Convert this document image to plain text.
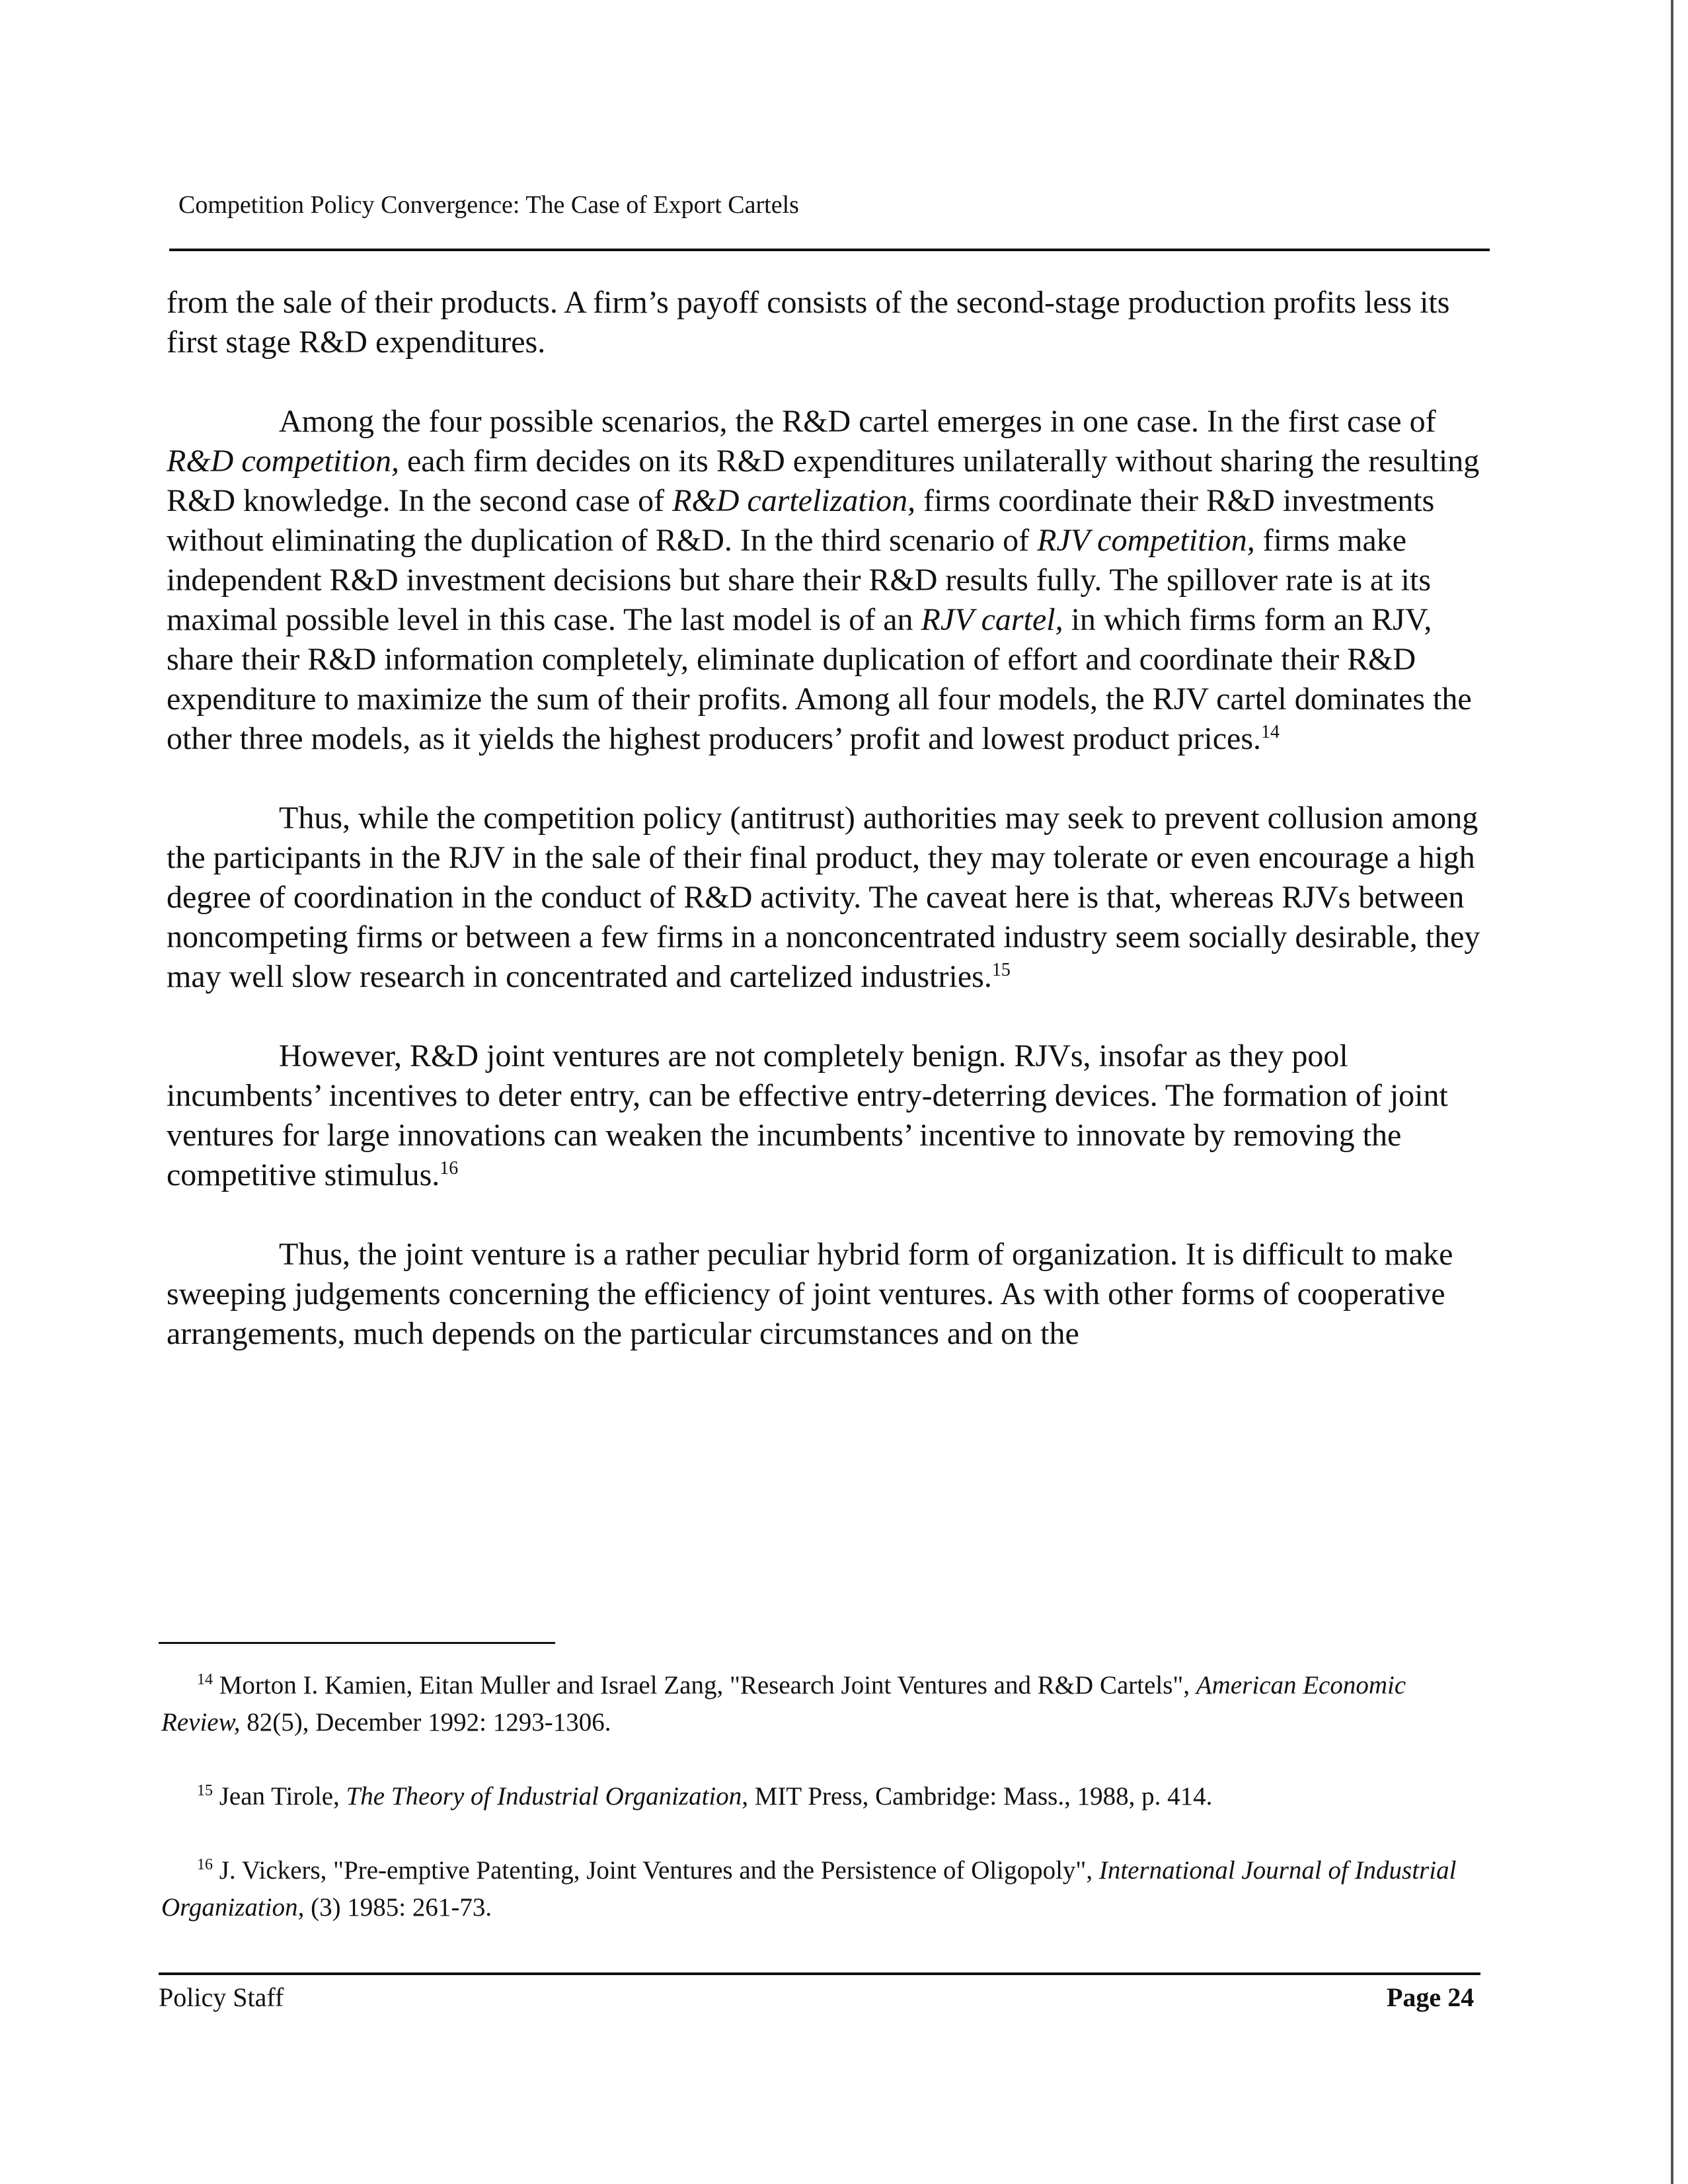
Competition Policy Convergence: The Case of Export Cartels

from the sale of their products. A firm’s payoff consists of the second-stage production profits less its first stage R&D expenditures.

Among the four possible scenarios, the R&D cartel emerges in one case. In the first case of R&D competition, each firm decides on its R&D expenditures unilaterally without sharing the resulting R&D knowledge. In the second case of R&D cartelization, firms coordinate their R&D investments without eliminating the duplication of R&D. In the third scenario of RJV competition, firms make independent R&D investment decisions but share their R&D results fully. The spillover rate is at its maximal possible level in this case. The last model is of an RJV cartel, in which firms form an RJV, share their R&D information completely, eliminate duplication of effort and coordinate their R&D expenditure to maximize the sum of their profits. Among all four models, the RJV cartel dominates the other three models, as it yields the highest producers’ profit and lowest product prices.$^{14}$

Thus, while the competition policy (antitrust) authorities may seek to prevent collusion among the participants in the RJV in the sale of their final product, they may tolerate or even encourage a high degree of coordination in the conduct of R&D activity. The caveat here is that, whereas RJVs between noncompeting firms or between a few firms in a nonconcentrated industry seem socially desirable, they may well slow research in concentrated and cartelized industries.$^{15}$

However, R&D joint ventures are not completely benign. RJVs, insofar as they pool incumbents’ incentives to deter entry, can be effective entry-deterring devices. The formation of joint ventures for large innovations can weaken the incumbents’ incentive to innovate by removing the competitive stimulus.$^{16}$

Thus, the joint venture is a rather peculiar hybrid form of organization. It is difficult to make sweeping judgements concerning the efficiency of joint ventures. As with other forms of cooperative arrangements, much depends on the particular circumstances and on the

$^{14}$ Morton I. Kamien, Eitan Muller and Israel Zang, "Research Joint Ventures and R&D Cartels", American Economic Review, 82(5), December 1992: 1293-1306.

$^{15}$ Jean Tirole, The Theory of Industrial Organization, MIT Press, Cambridge: Mass., 1988, p. 414.

$^{16}$ J. Vickers, "Pre-emptive Patenting, Joint Ventures and the Persistence of Oligopoly", International Journal of Industrial Organization, (3) 1985: 261-73.

Policy Staff	Page 24
